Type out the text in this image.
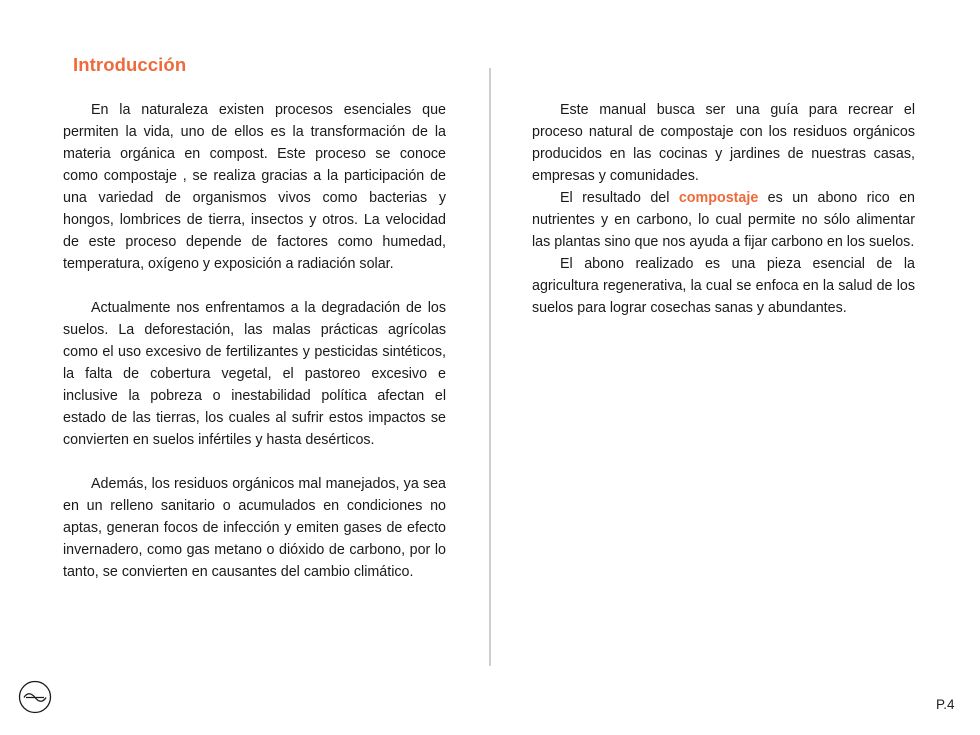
Introducción

En la naturaleza existen procesos esenciales que permiten la vida, uno de ellos es la transformación de la materia orgánica en compost. Este proceso se conoce como compostaje , se realiza gracias a la participación de una variedad de organismos vivos como bacterias y hongos, lombrices de tierra, insectos y otros. La velocidad de este proceso depende de factores como humedad, temperatura, oxígeno y exposición a radiación solar.

Actualmente nos enfrentamos a la degradación de los suelos. La deforestación, las malas prácticas agrícolas como el uso excesivo de fertilizantes y pesticidas sintéticos, la falta de cobertura vegetal, el pastoreo excesivo e inclusive la pobreza o inestabilidad política afectan el estado de las tierras, los cuales al sufrir estos impactos se convierten en suelos infértiles y hasta desérticos.

Además, los residuos orgánicos mal manejados, ya sea en un relleno sanitario o acumulados en condiciones no aptas, generan focos de infección y emiten gases de efecto invernadero, como gas metano o dióxido de carbono, por lo tanto, se convierten en causantes del cambio climático.

Este manual busca ser una guía para recrear el proceso natural de compostaje con los residuos orgánicos producidos en las cocinas y jardines de nuestras casas, empresas y comunidades.

El resultado del compostaje es un abono rico en nutrientes y en carbono, lo cual permite no sólo alimentar las plantas sino que nos ayuda a fijar carbono en los suelos.

El abono realizado es una pieza esencial de la agricultura regenerativa, la cual se enfoca en la salud de los suelos para lograr cosechas sanas y abundantes.

P.4
